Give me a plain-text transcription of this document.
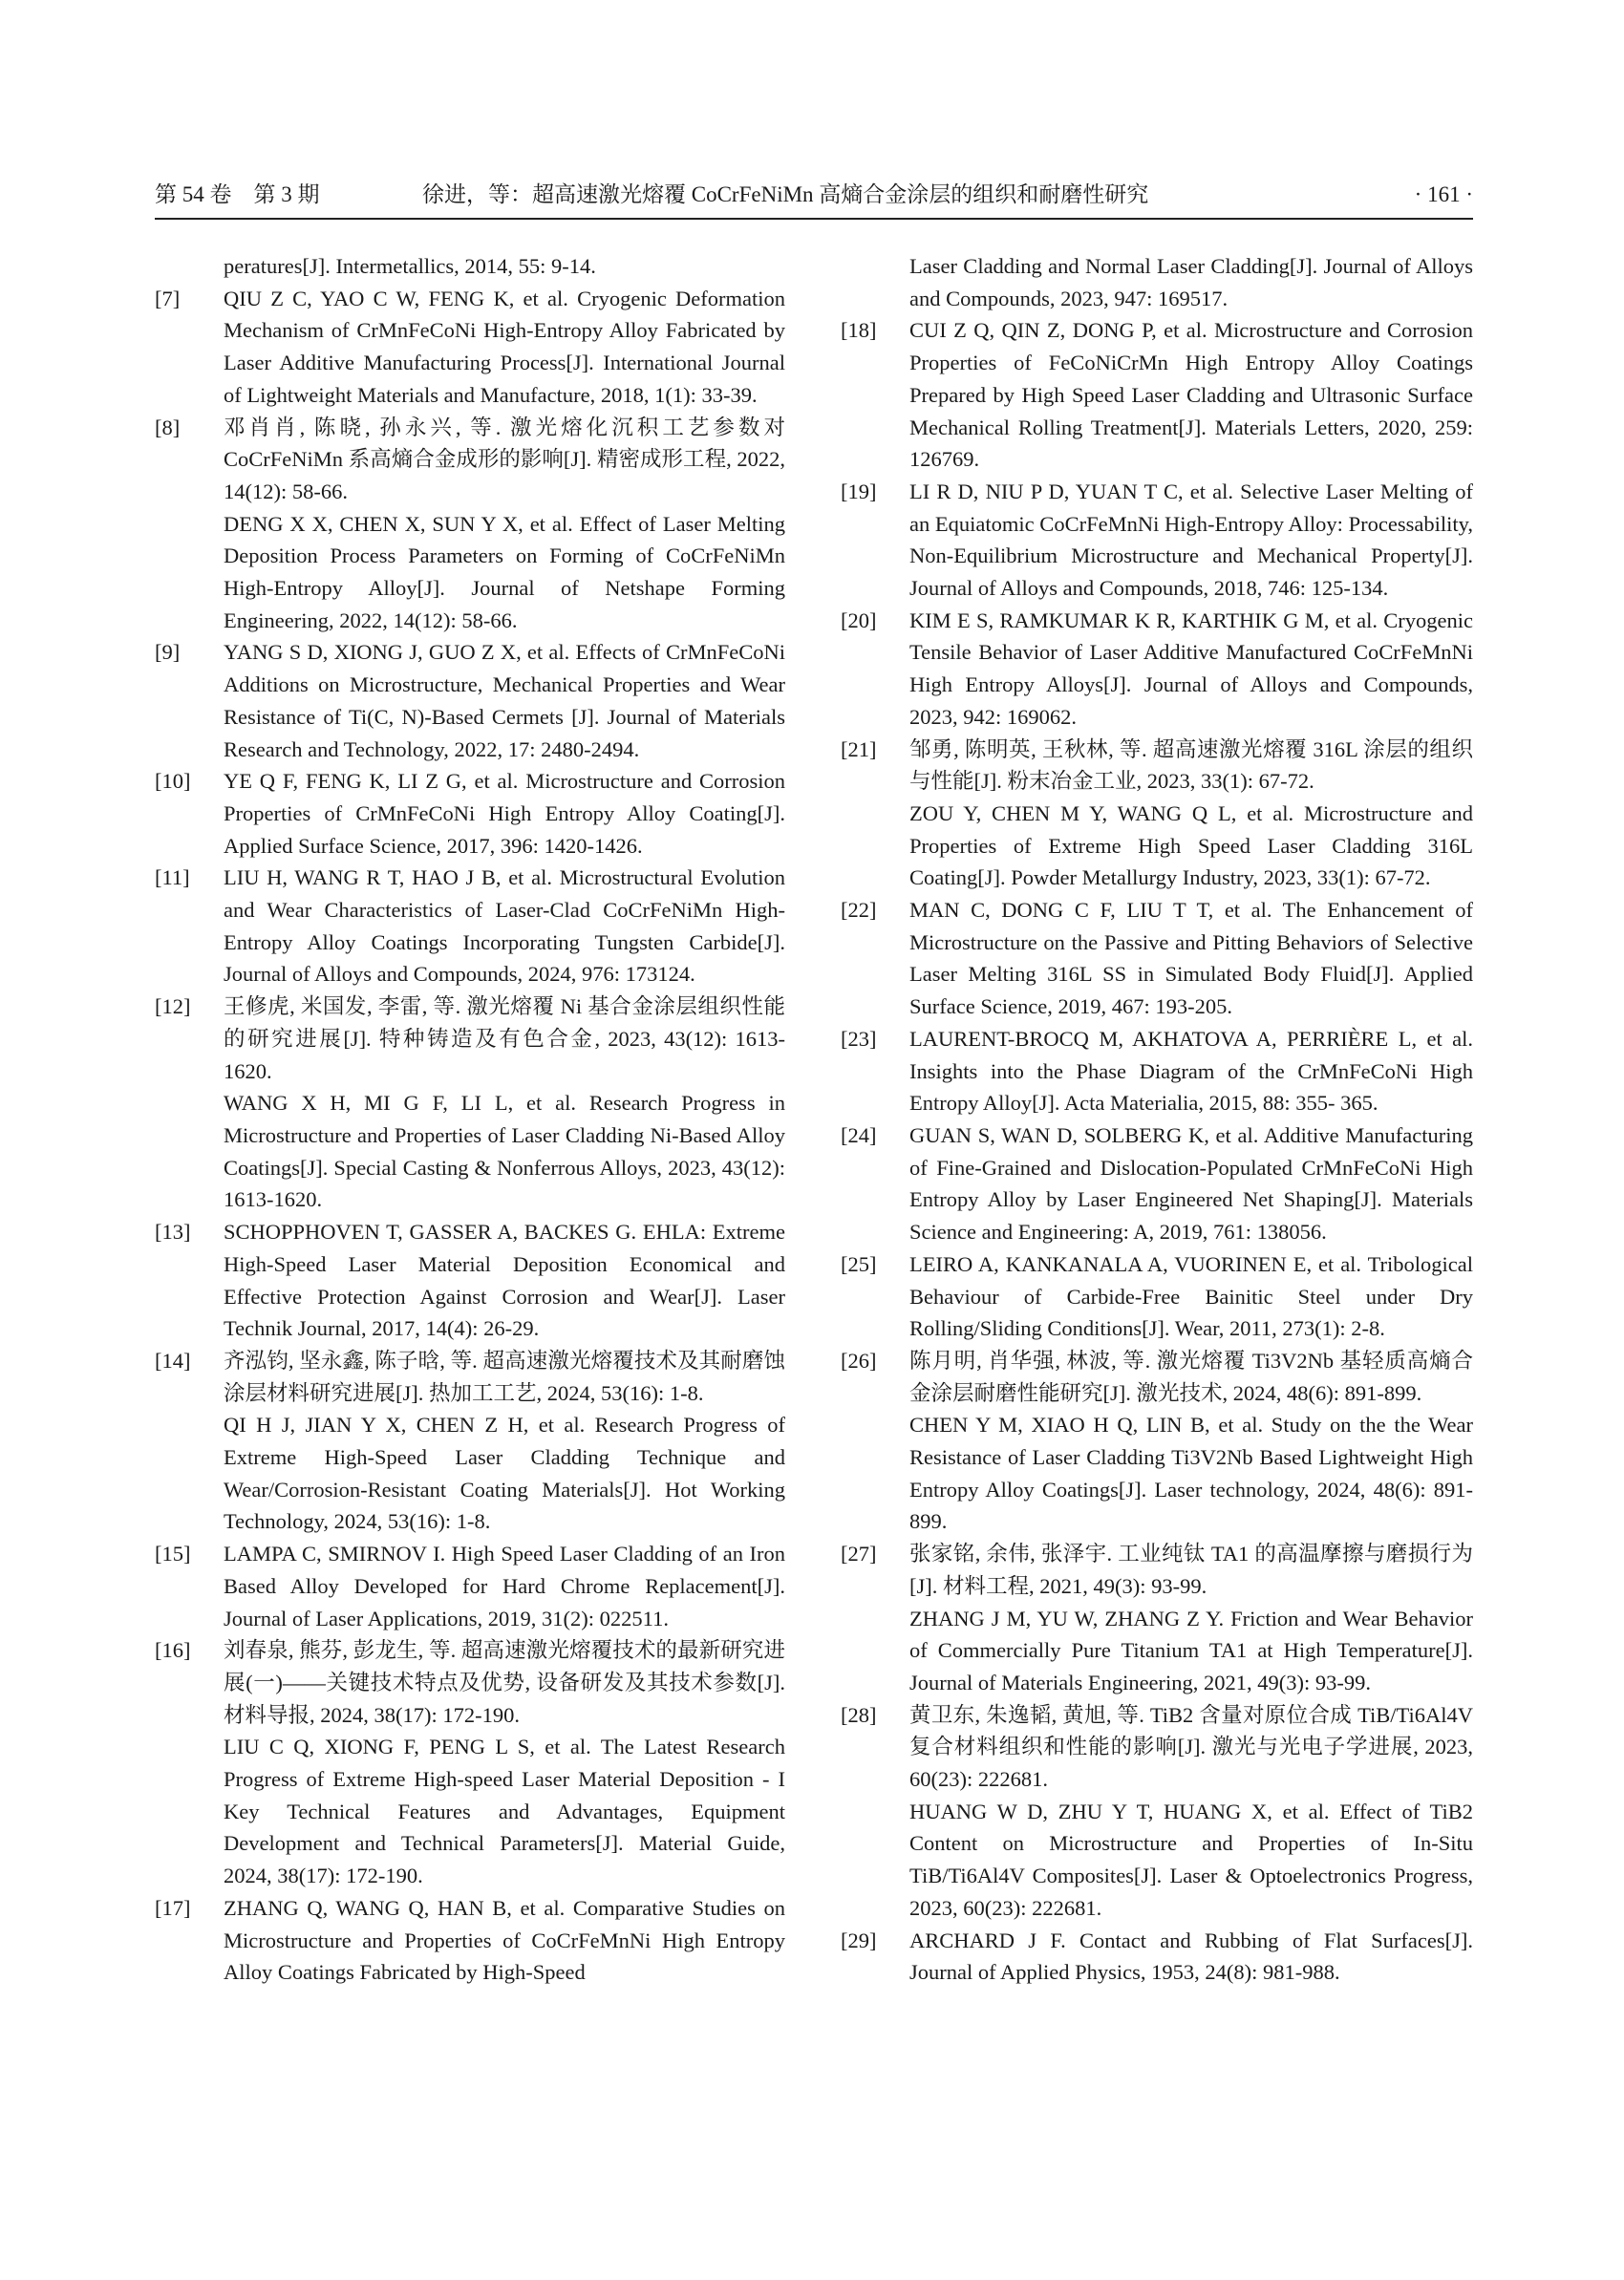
第 54 卷　第 3 期	徐进，等：超高速激光熔覆 CoCrFeNiMn 高熵合金涂层的组织和耐磨性研究	· 161 ·
peratures[J]. Intermetallics, 2014, 55: 9-14.
[7] QIU Z C, YAO C W, FENG K, et al. Cryogenic Deformation Mechanism of CrMnFeCoNi High-Entropy Alloy Fabricated by Laser Additive Manufacturing Process[J]. International Journal of Lightweight Materials and Manufacture, 2018, 1(1): 33-39.
[8] 邓肖肖, 陈晓, 孙永兴, 等. 激光熔化沉积工艺参数对 CoCrFeNiMn 系高熵合金成形的影响[J]. 精密成形工程, 2022, 14(12): 58-66.
DENG X X, CHEN X, SUN Y X, et al. Effect of Laser Melting Deposition Process Parameters on Forming of CoCrFeNiMn High-Entropy Alloy[J]. Journal of Netshape Forming Engineering, 2022, 14(12): 58-66.
[9] YANG S D, XIONG J, GUO Z X, et al. Effects of CrMnFeCoNi Additions on Microstructure, Mechanical Properties and Wear Resistance of Ti(C, N)-Based Cermets [J]. Journal of Materials Research and Technology, 2022, 17: 2480-2494.
[10] YE Q F, FENG K, LI Z G, et al. Microstructure and Corrosion Properties of CrMnFeCoNi High Entropy Alloy Coating[J]. Applied Surface Science, 2017, 396: 1420-1426.
[11] LIU H, WANG R T, HAO J B, et al. Microstructural Evolution and Wear Characteristics of Laser-Clad CoCrFeNiMn High-Entropy Alloy Coatings Incorporating Tungsten Carbide[J]. Journal of Alloys and Compounds, 2024, 976: 173124.
[12] 王修虎, 米国发, 李雷, 等. 激光熔覆 Ni 基合金涂层组织性能的研究进展[J]. 特种铸造及有色合金, 2023, 43(12): 1613-1620.
WANG X H, MI G F, LI L, et al. Research Progress in Microstructure and Properties of Laser Cladding Ni-Based Alloy Coatings[J]. Special Casting & Nonferrous Alloys, 2023, 43(12): 1613-1620.
[13] SCHOPPHOVEN T, GASSER A, BACKES G. EHLA: Extreme High-Speed Laser Material Deposition Economical and Effective Protection Against Corrosion and Wear[J]. Laser Technik Journal, 2017, 14(4): 26-29.
[14] 齐泓钧, 坚永鑫, 陈子晗, 等. 超高速激光熔覆技术及其耐磨蚀涂层材料研究进展[J]. 热加工工艺, 2024, 53(16): 1-8.
QI H J, JIAN Y X, CHEN Z H, et al. Research Progress of Extreme High-Speed Laser Cladding Technique and Wear/Corrosion-Resistant Coating Materials[J]. Hot Working Technology, 2024, 53(16): 1-8.
[15] LAMPA C, SMIRNOV I. High Speed Laser Cladding of an Iron Based Alloy Developed for Hard Chrome Replacement[J]. Journal of Laser Applications, 2019, 31(2): 022511.
[16] 刘春泉, 熊芬, 彭龙生, 等. 超高速激光熔覆技术的最新研究进展(一)——关键技术特点及优势, 设备研发及其技术参数[J]. 材料导报, 2024, 38(17): 172-190.
LIU C Q, XIONG F, PENG L S, et al. The Latest Research Progress of Extreme High-speed Laser Material Deposition - I Key Technical Features and Advantages, Equipment Development and Technical Parameters[J]. Material Guide, 2024, 38(17): 172-190.
[17] ZHANG Q, WANG Q, HAN B, et al. Comparative Studies on Microstructure and Properties of CoCrFeMnNi High Entropy Alloy Coatings Fabricated by High-Speed
Laser Cladding and Normal Laser Cladding[J]. Journal of Alloys and Compounds, 2023, 947: 169517.
[18] CUI Z Q, QIN Z, DONG P, et al. Microstructure and Corrosion Properties of FeCoNiCrMn High Entropy Alloy Coatings Prepared by High Speed Laser Cladding and Ultrasonic Surface Mechanical Rolling Treatment[J]. Materials Letters, 2020, 259: 126769.
[19] LI R D, NIU P D, YUAN T C, et al. Selective Laser Melting of an Equiatomic CoCrFeMnNi High-Entropy Alloy: Processability, Non-Equilibrium Microstructure and Mechanical Property[J]. Journal of Alloys and Compounds, 2018, 746: 125-134.
[20] KIM E S, RAMKUMAR K R, KARTHIK G M, et al. Cryogenic Tensile Behavior of Laser Additive Manufactured CoCrFeMnNi High Entropy Alloys[J]. Journal of Alloys and Compounds, 2023, 942: 169062.
[21] 邹勇, 陈明英, 王秋林, 等. 超高速激光熔覆 316L 涂层的组织与性能[J]. 粉末冶金工业, 2023, 33(1): 67-72.
ZOU Y, CHEN M Y, WANG Q L, et al. Microstructure and Properties of Extreme High Speed Laser Cladding 316L Coating[J]. Powder Metallurgy Industry, 2023, 33(1): 67-72.
[22] MAN C, DONG C F, LIU T T, et al. The Enhancement of Microstructure on the Passive and Pitting Behaviors of Selective Laser Melting 316L SS in Simulated Body Fluid[J]. Applied Surface Science, 2019, 467: 193-205.
[23] LAURENT-BROCQ M, AKHATOVA A, PERRIÈRE L, et al. Insights into the Phase Diagram of the CrMnFeCoNi High Entropy Alloy[J]. Acta Materialia, 2015, 88: 355- 365.
[24] GUAN S, WAN D, SOLBERG K, et al. Additive Manufacturing of Fine-Grained and Dislocation-Populated CrMnFeCoNi High Entropy Alloy by Laser Engineered Net Shaping[J]. Materials Science and Engineering: A, 2019, 761: 138056.
[25] LEIRO A, KANKANALA A, VUORINEN E, et al. Tribological Behaviour of Carbide-Free Bainitic Steel under Dry Rolling/Sliding Conditions[J]. Wear, 2011, 273(1): 2-8.
[26] 陈月明, 肖华强, 林波, 等. 激光熔覆 Ti3V2Nb 基轻质高熵合金涂层耐磨性能研究[J]. 激光技术, 2024, 48(6): 891-899.
CHEN Y M, XIAO H Q, LIN B, et al. Study on the the Wear Resistance of Laser Cladding Ti3V2Nb Based Lightweight High Entropy Alloy Coatings[J]. Laser technology, 2024, 48(6): 891-899.
[27] 张家铭, 余伟, 张泽宇. 工业纯钛 TA1 的高温摩擦与磨损行为[J]. 材料工程, 2021, 49(3): 93-99.
ZHANG J M, YU W, ZHANG Z Y. Friction and Wear Behavior of Commercially Pure Titanium TA1 at High Temperature[J]. Journal of Materials Engineering, 2021, 49(3): 93-99.
[28] 黄卫东, 朱逸韬, 黄旭, 等. TiB2 含量对原位合成 TiB/Ti6Al4V 复合材料组织和性能的影响[J]. 激光与光电子学进展, 2023, 60(23): 222681.
HUANG W D, ZHU Y T, HUANG X, et al. Effect of TiB2 Content on Microstructure and Properties of In-Situ TiB/Ti6Al4V Composites[J]. Laser & Optoelectronics Progress, 2023, 60(23): 222681.
[29] ARCHARD J F. Contact and Rubbing of Flat Surfaces[J]. Journal of Applied Physics, 1953, 24(8): 981-988.
